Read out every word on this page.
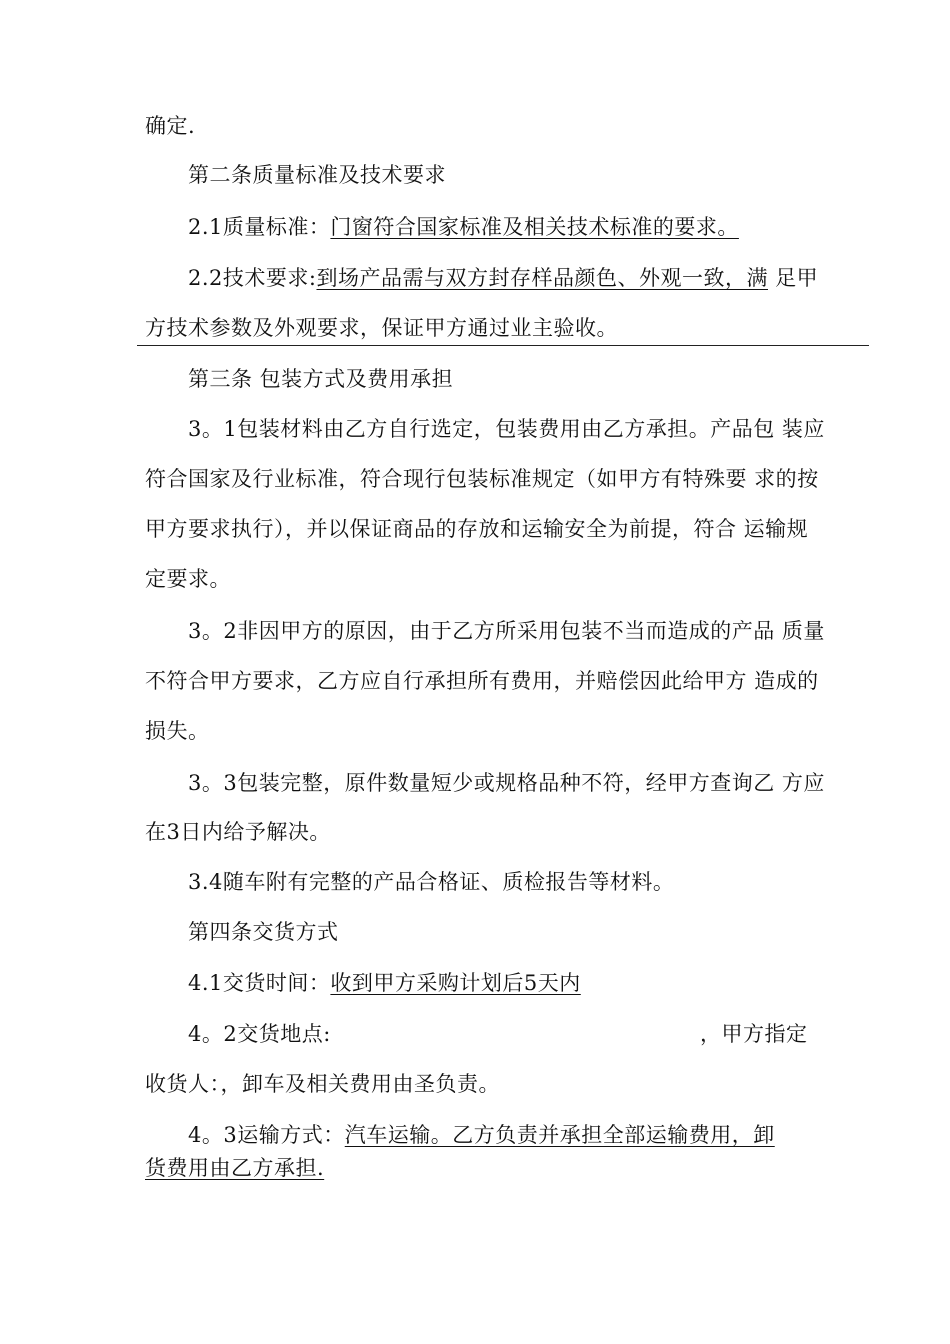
确定.
第二条质量标准及技术要求
2.1质量标准：门窗符合国家标准及相关技术标准的要求。
2.2技术要求:到场产品需与双方封存样品颜色、外观一致，满 足甲
方技术参数及外观要求，保证甲方通过业主验收。
第三条 包装方式及费用承担
3。1包装材料由乙方自行选定，包装费用由乙方承担。产品包 装应
符合国家及行业标准，符合现行包装标准规定（如甲方有特殊要 求的按
甲方要求执行），并以保证商品的存放和运输安全为前提，符合 运输规
定要求。
3。2非因甲方的原因，由于乙方所采用包装不当而造成的产品 质量
不符合甲方要求，乙方应自行承担所有费用，并赔偿因此给甲方 造成的
损失。
3。3包装完整，原件数量短少或规格品种不符，经甲方查询乙 方应
在3日内给予解决。
3.4随车附有完整的产品合格证、质检报告等材料。
第四条交货方式
4.1交货时间：收到甲方采购计划后5天内
4。2交货地点:	，甲方指定
收货人：，卸车及相关费用由圣负责。
4。3运输方式：汽车运输。乙方负责并承担全部运输费用，卸
货费用由乙方承担.
